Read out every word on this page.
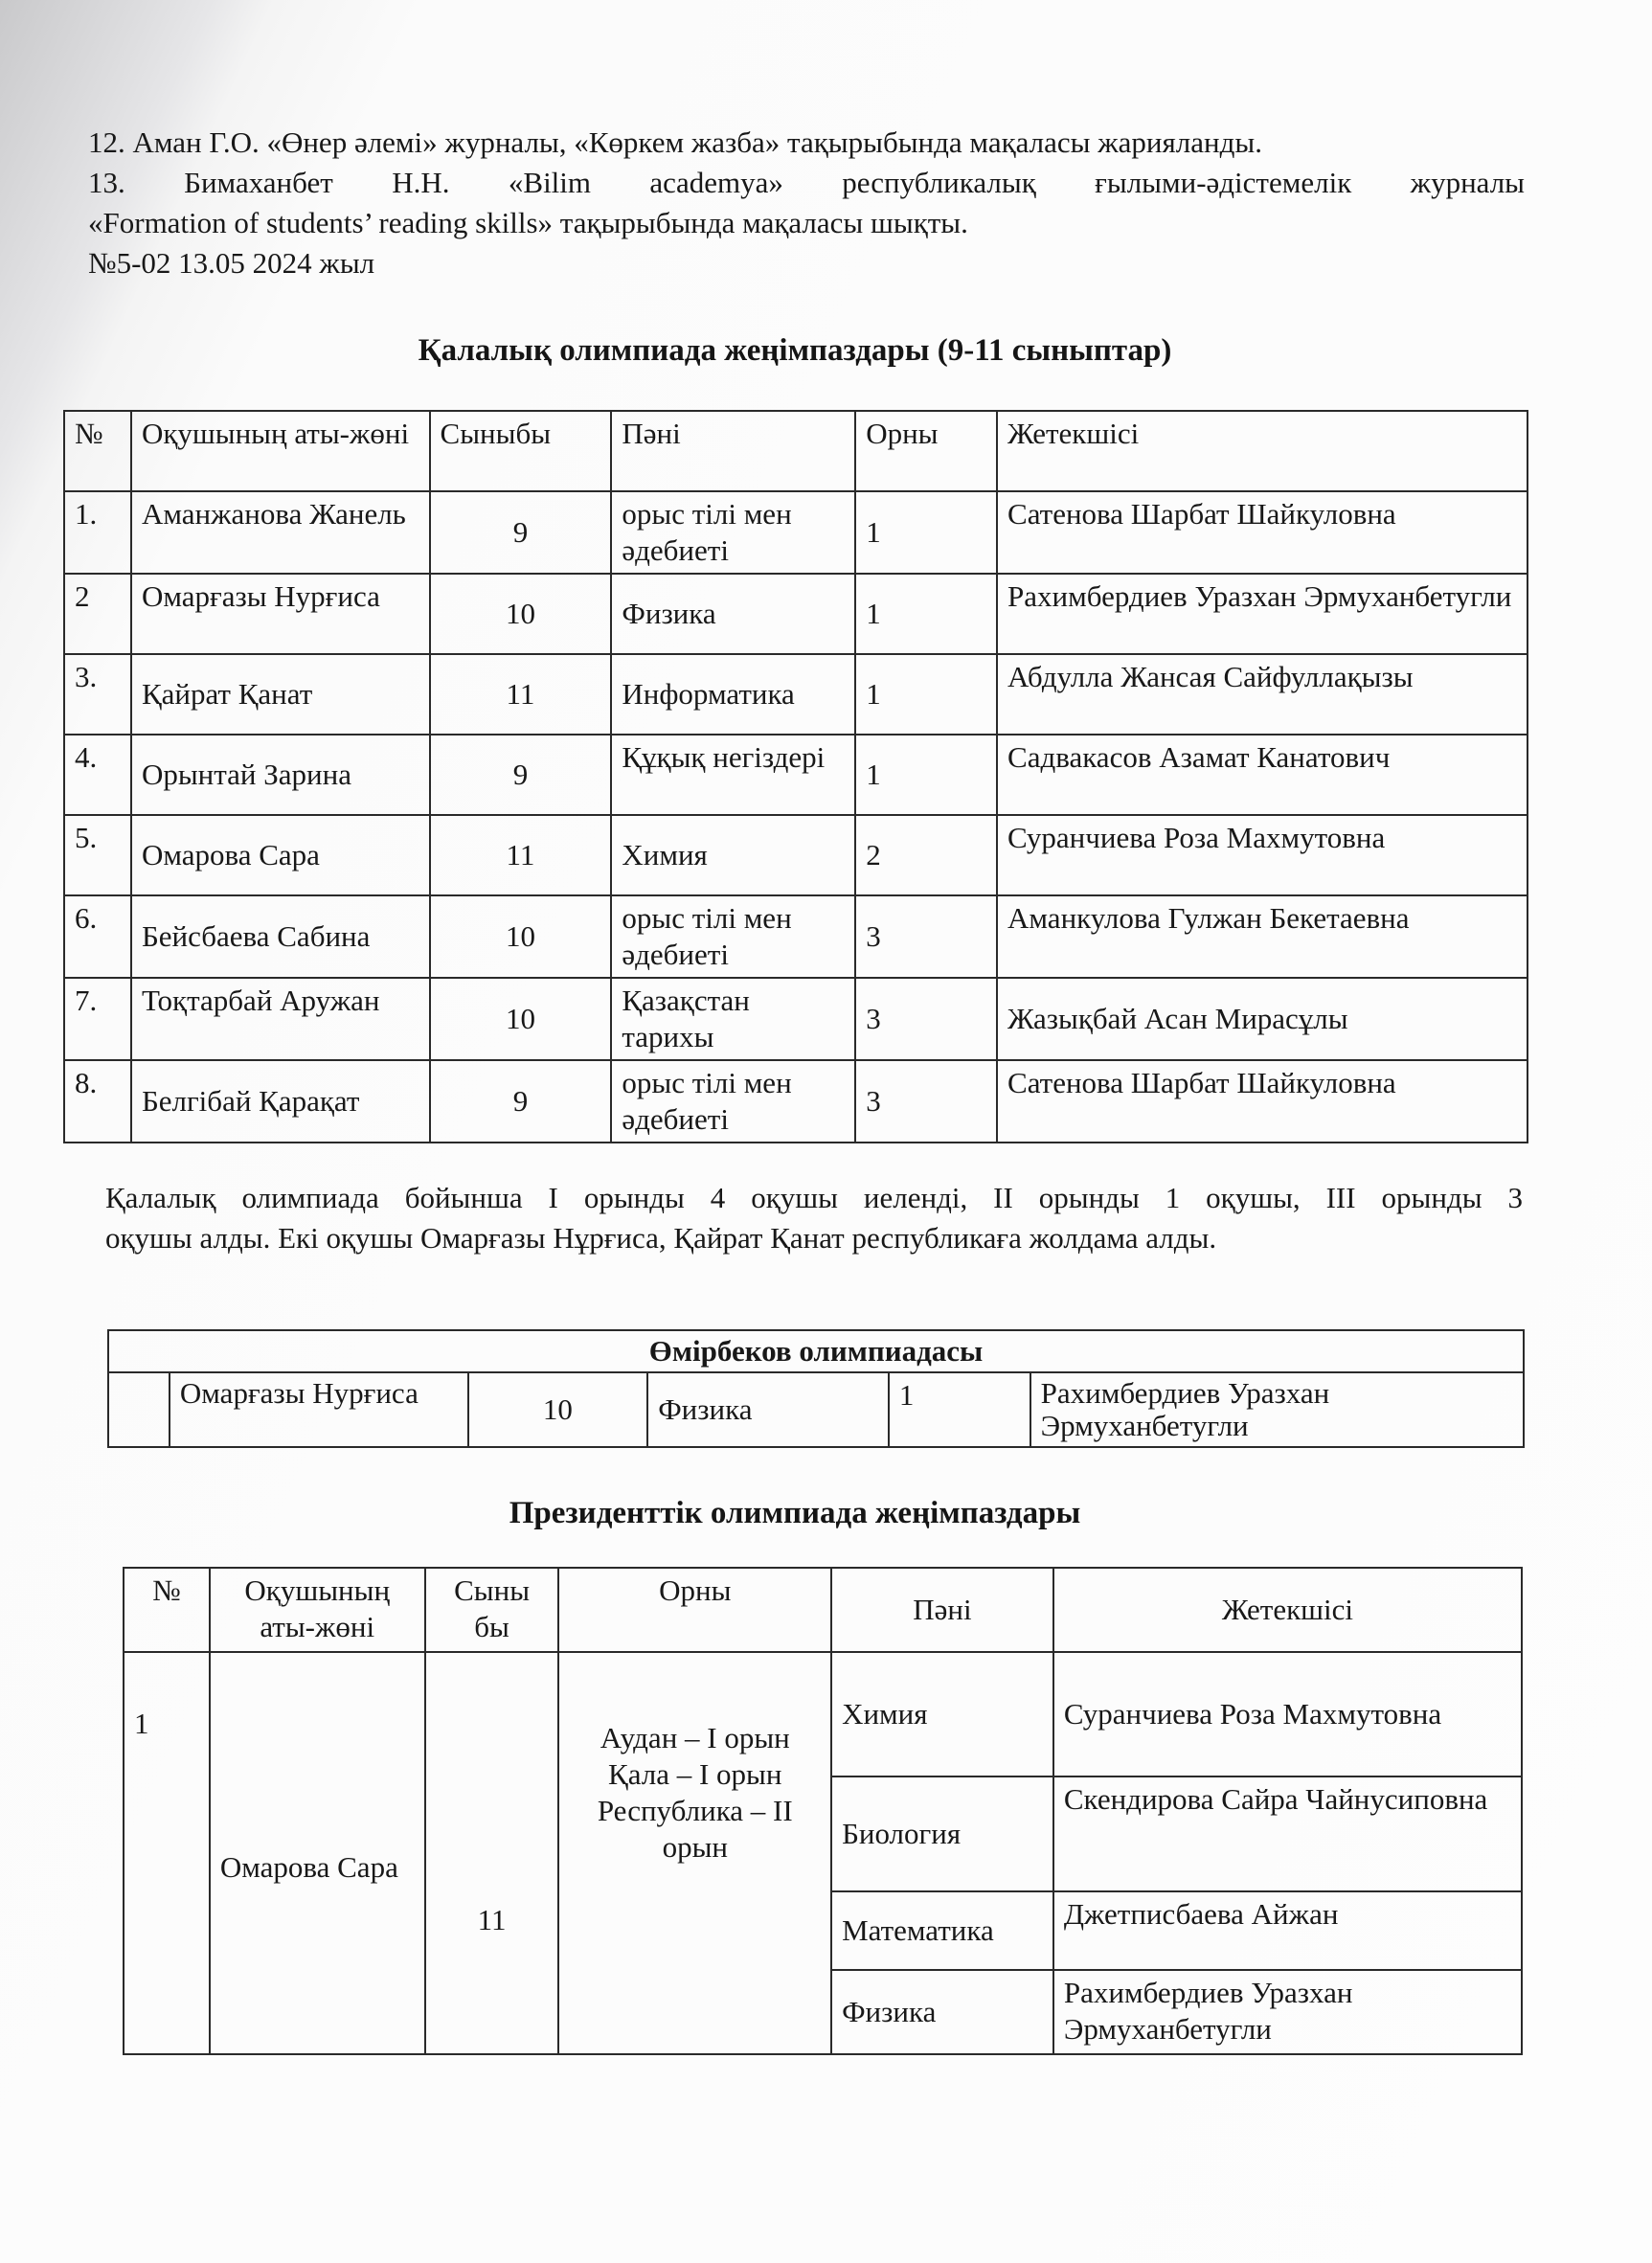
12. Аман Г.О. «Өнер әлемі» журналы, «Көркем жазба» тақырыбында мақаласы жарияланды.
13. Бимаханбет Н.Н. «Bilim academya» республикалық ғылыми-әдістемелік журналы
«Formation of students’ reading skills» тақырыбында мақаласы шықты.
№5-02 13.05 2024 жыл
Қалалық олимпиада жеңімпаздары (9-11 сыныптар)
№	Оқушының аты-жөні	Сыныбы	Пәні	Орны	Жетекшісі
1.	Аманжанова Жанель	9	орыс тілі мен әдебиеті	1	Сатенова Шарбат Шайкуловна
2	Омарғазы Нурғиса	10	Физика	1	Рахимбердиев Уразхан Эрмуханбетугли
3.	Қайрат Қанат	11	Информатика	1	Абдулла Жансая Сайфуллақызы
4.	Орынтай Зарина	9	Құқық негіздері	1	Садвакасов Азамат Канатович
5.	Омарова Сара	11	Химия	2	Суранчиева Роза Махмутовна
6.	Бейсбаева Сабина	10	орыс тілі мен әдебиеті	3	Аманкулова Гулжан Бекетаевна
7.	Тоқтарбай Аружан	10	Қазақстан тарихы	3	Жазықбай Асан Мирасұлы
8.	Белгібай Қарақат	9	орыс тілі мен әдебиеті	3	Сатенова Шарбат Шайкуловна
Қалалық олимпиада бойынша I орынды 4 оқушы иеленді, II орынды 1 оқушы, III орынды 3
оқушы алды. Екі оқушы Омарғазы Нұрғиса, Қайрат Қанат республикаға жолдама алды.
Өмірбеков олимпиадасы
	Омарғазы Нурғиса	10	Физика	1	Рахимбердиев Уразхан Эрмуханбетугли
Президенттік олимпиада жеңімпаздары
№	Оқушының аты-жөні	Сыны бы	Орны	Пәні	Жетекшісі
1	Омарова Сара	11	Аудан – I орын
Қала – I орын
Республика – II орын	Химия	Суранчиева Роза Махмутовна
				Биология	Скендирова Сайра Чайнусиповна
				Математика	Джетписбаева Айжан
				Физика	Рахимбердиев Уразхан Эрмуханбетугли
